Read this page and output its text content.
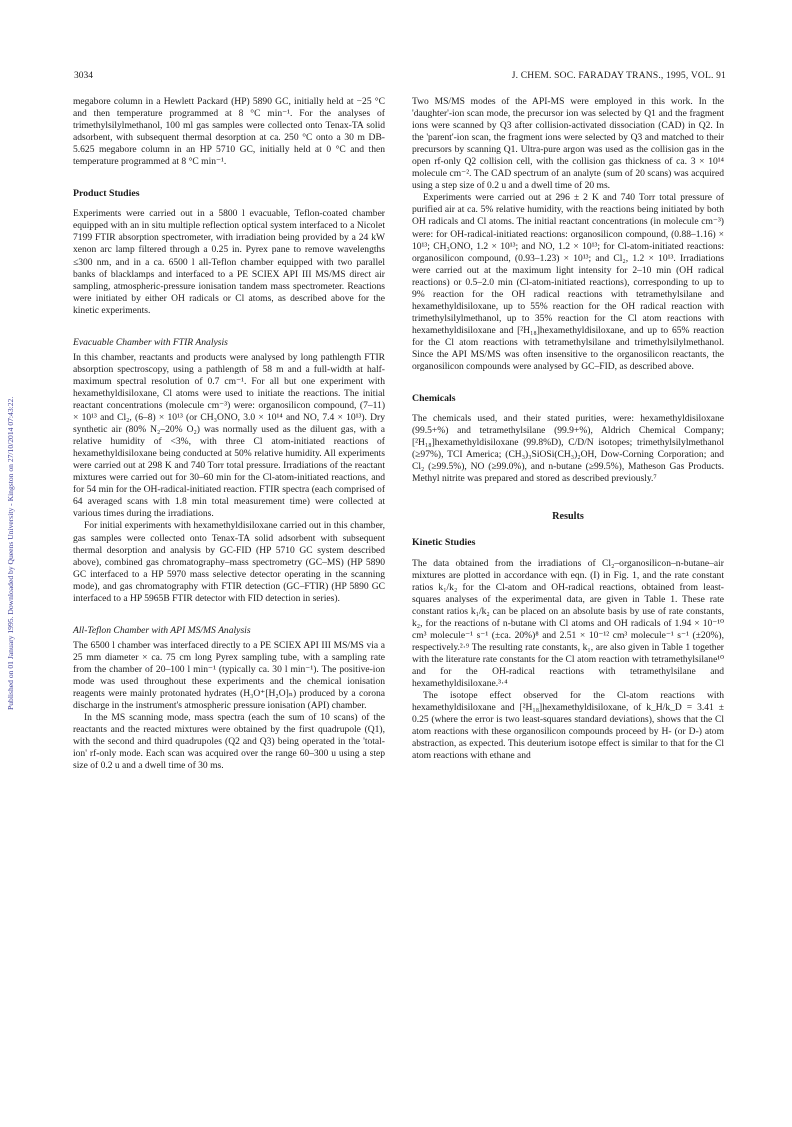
3034	J. CHEM. SOC. FARADAY TRANS., 1995, VOL. 91
Published on 01 January 1995. Downloaded by Queens University - Kingston on 27/10/2014 07:43:22.

megabore column in a Hewlett Packard (HP) 5890 GC, initially held at −25 °C and then temperature programmed at 8 °C min⁻¹. For the analyses of trimethylsilylmethanol, 100 ml gas samples were collected onto Tenax-TA solid adsorbent, with subsequent thermal desorption at ca. 250 °C onto a 30 m DB-5.625 megabore column in an HP 5710 GC, initially held at 0 °C and then temperature programmed at 8 °C min⁻¹.

Product Studies

Experiments were carried out in a 5800 l evacuable, Teflon-coated chamber equipped with an in situ multiple reflection optical system interfaced to a Nicolet 7199 FTIR absorption spectrometer, with irradiation being provided by a 24 kW xenon arc lamp filtered through a 0.25 in. Pyrex pane to remove wavelengths ≤300 nm, and in a ca. 6500 l all-Teflon chamber equipped with two parallel banks of blacklamps and interfaced to a PE SCIEX API III MS/MS direct air sampling, atmospheric-pressure ionisation tandem mass spectrometer. Reactions were initiated by either OH radicals or Cl atoms, as described above for the kinetic experiments.

Evacuable Chamber with FTIR Analysis

In this chamber, reactants and products were analysed by long pathlength FTIR absorption spectroscopy, using a pathlength of 58 m and a full-width at half-maximum spectral resolution of 0.7 cm⁻¹. For all but one experiment with hexamethyldisiloxane, Cl atoms were used to initiate the reactions. The initial reactant concentrations (molecule cm⁻³) were: organosilicon compound, (7–11) × 10¹³ and Cl₂, (6–8) × 10¹³ (or CH₃ONO, 3.0 × 10¹⁴ and NO, 7.4 × 10¹³). Dry synthetic air (80% N₂–20% O₂) was normally used as the diluent gas, with a relative humidity of <3%, with three Cl atom-initiated reactions of hexamethyldisiloxane being conducted at 50% relative humidity. All experiments were carried out at 298 K and 740 Torr total pressure. Irradiations of the reactant mixtures were carried out for 30–60 min for the Cl-atom-initiated reactions, and for 54 min for the OH-radical-initiated reaction. FTIR spectra (each comprised of 64 averaged scans with 1.8 min total measurement time) were collected at various times during the irradiations.

For initial experiments with hexamethyldisiloxane carried out in this chamber, gas samples were collected onto Tenax-TA solid adsorbent with subsequent thermal desorption and analysis by GC-FID (HP 5710 GC system described above), combined gas chromatography–mass spectrometry (GC–MS) (HP 5890 GC interfaced to a HP 5970 mass selective detector operating in the scanning mode), and gas chromatography with FTIR detection (GC–FTIR) (HP 5890 GC interfaced to a HP 5965B FTIR detector with FID detection in series).

All-Teflon Chamber with API MS/MS Analysis

The 6500 l chamber was interfaced directly to a PE SCIEX API III MS/MS via a 25 mm diameter × ca. 75 cm long Pyrex sampling tube, with a sampling rate from the chamber of 20–100 l min⁻¹ (typically ca. 30 l min⁻¹). The positive-ion mode was used throughout these experiments and the chemical ionisation reagents were mainly protonated hydrates (H₃O⁺[H₂O]ₙ) produced by a corona discharge in the instrument's atmospheric pressure ionisation (API) chamber.

In the MS scanning mode, mass spectra (each the sum of 10 scans) of the reactants and the reacted mixtures were obtained by the first quadrupole (Q1), with the second and third quadrupoles (Q2 and Q3) being operated in the 'total-ion' rf-only mode. Each scan was acquired over the range 60–300 u using a step size of 0.2 u and a dwell time of 30 ms.

Two MS/MS modes of the API-MS were employed in this work. In the 'daughter'-ion scan mode, the precursor ion was selected by Q1 and the fragment ions were scanned by Q3 after collision-activated dissociation (CAD) in Q2. In the 'parent'-ion scan, the fragment ions were selected by Q3 and matched to their precursors by scanning Q1. Ultra-pure argon was used as the collision gas in the open rf-only Q2 collision cell, with the collision gas thickness of ca. 3 × 10¹⁴ molecule cm⁻². The CAD spectrum of an analyte (sum of 20 scans) was acquired using a step size of 0.2 u and a dwell time of 20 ms.

Experiments were carried out at 296 ± 2 K and 740 Torr total pressure of purified air at ca. 5% relative humidity, with the reactions being initiated by both OH radicals and Cl atoms. The initial reactant concentrations (in molecule cm⁻³) were: for OH-radical-initiated reactions: organosilicon compound, (0.88–1.16) × 10¹³; CH₃ONO, 1.2 × 10¹³; and NO, 1.2 × 10¹³; for Cl-atom-initiated reactions: organosilicon compound, (0.93–1.23) × 10¹³; and Cl₂, 1.2 × 10¹³. Irradiations were carried out at the maximum light intensity for 2–10 min (OH radical reactions) or 0.5–2.0 min (Cl-atom-initiated reactions), corresponding to up to 9% reaction for the OH radical reactions with tetramethylsilane and hexamethyldisiloxane, up to 55% reaction for the OH radical reaction with trimethylsilylmethanol, up to 35% reaction for the Cl atom reactions with hexamethyldisiloxane and [²H₁₈]hexamethyldisiloxane, and up to 65% reaction for the Cl atom reactions with tetramethylsilane and trimethylsilylmethanol. Since the API MS/MS was often insensitive to the organosilicon reactants, the organosilicon compounds were analysed by GC–FID, as described above.

Chemicals

The chemicals used, and their stated purities, were: hexamethyldisiloxane (99.5+%) and tetramethylsilane (99.9+%), Aldrich Chemical Company; [²H₁₈]hexamethyldisiloxane (99.8%D), C/D/N isotopes; trimethylsilylmethanol (≥97%), TCI America; (CH₃)₃SiOSi(CH₃)₂OH, Dow-Corning Corporation; and Cl₂ (≥99.5%), NO (≥99.0%), and n-butane (≥99.5%), Matheson Gas Products. Methyl nitrite was prepared and stored as described previously.⁷

Results
Kinetic Studies

The data obtained from the irradiations of Cl₂–organosilicon–n-butane–air mixtures are plotted in accordance with eqn. (I) in Fig. 1, and the rate constant ratios k₁/k₂ for the Cl-atom and OH-radical reactions, obtained from least-squares analyses of the experimental data, are given in Table 1. These rate constant ratios k₁/k₂ can be placed on an absolute basis by use of rate constants, k₂, for the reactions of n-butane with Cl atoms and OH radicals of 1.94 × 10⁻¹⁰ cm³ molecule⁻¹ s⁻¹ (±ca. 20%)⁸ and 2.51 × 10⁻¹² cm³ molecule⁻¹ s⁻¹ (±20%), respectively.²·⁹ The resulting rate constants, k₁, are also given in Table 1 together with the literature rate constants for the Cl atom reaction with tetramethylsilane¹⁰ and for the OH-radical reactions with tetramethylsilane and hexamethyldisiloxane.³·⁴

The isotope effect observed for the Cl-atom reactions with hexamethyldisiloxane and [²H₁₈]hexamethyldisiloxane, of k_H/k_D = 3.41 ± 0.25 (where the error is two least-squares standard deviations), shows that the Cl atom reactions with these organosilicon compounds proceed by H- (or D-) atom abstraction, as expected. This deuterium isotope effect is similar to that for the Cl atom reactions with ethane and
